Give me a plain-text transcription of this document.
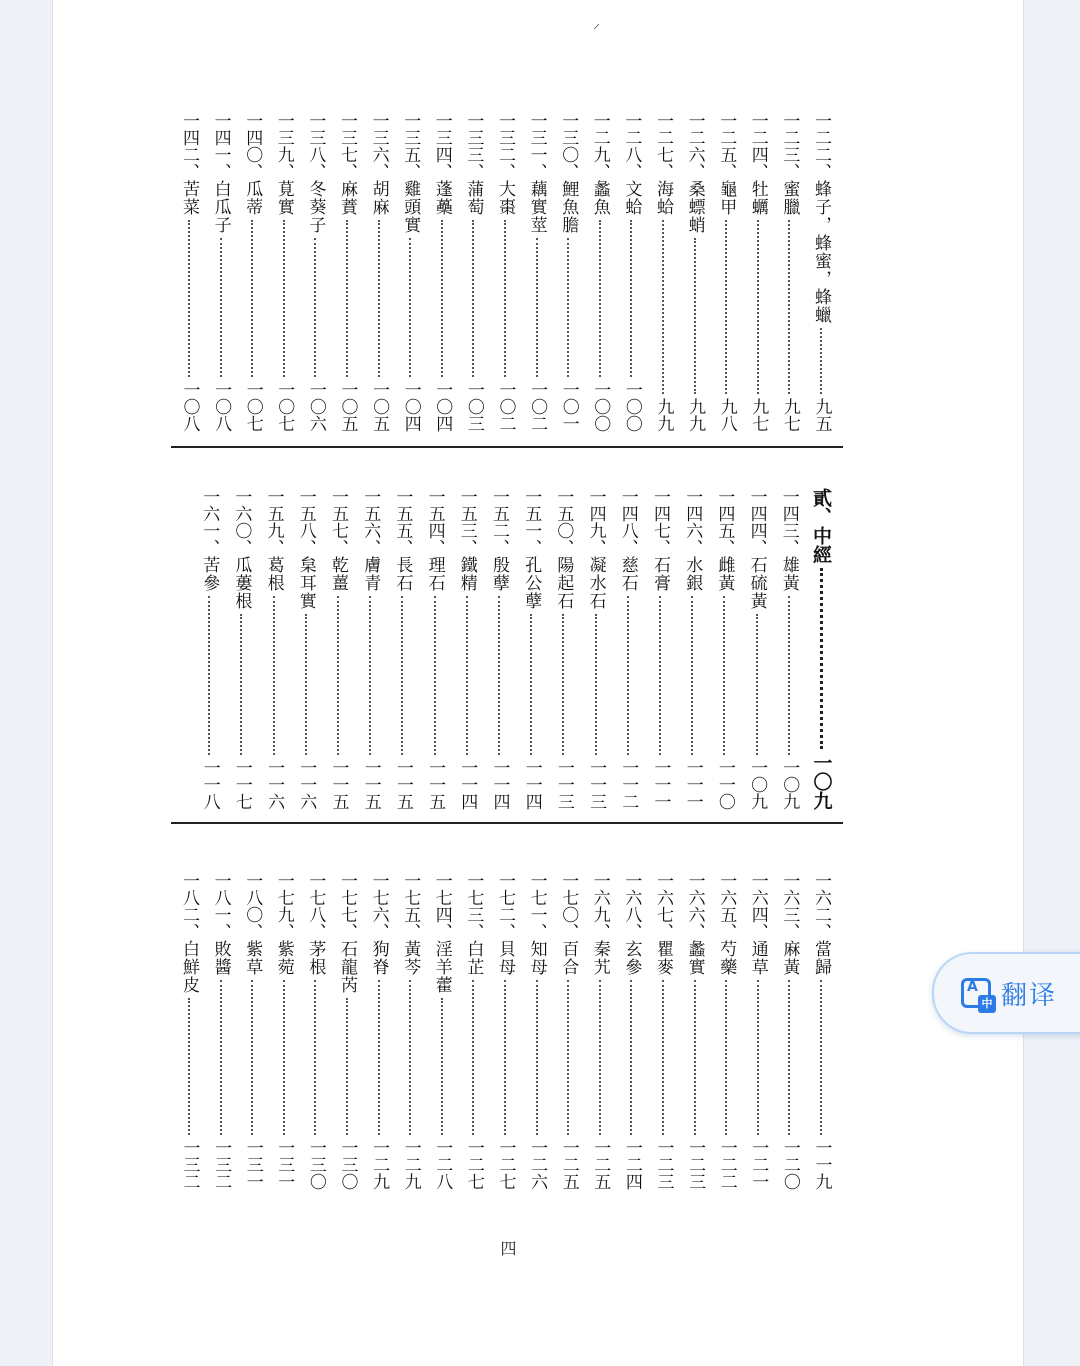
⸝
一二二、
蜂子，蜂蜜，蜂蠟
九五
一二三、
蜜臘
九七
一二四、
牡蠣
九七
一二五、
龜甲
九八
一二六、
桑螵蛸
九九
一二七、
海蛤
九九
一二八、
文蛤
一〇〇
一二九、
蠡魚
一〇〇
一三〇、
鯉魚膽
一〇一
一三一、
藕實莖
一〇二
一三二、
大棗
一〇二
一三三、
蒲萄
一〇三
一三四、
蓬蘽
一〇四
一三五、
雞頭實
一〇四
一三六、
胡麻
一〇五
一三七、
麻蕡
一〇五
一三八、
冬葵子
一〇六
一三九、
莧實
一〇七
一四〇、
瓜蒂
一〇七
一四一、
白瓜子
一〇八
一四二、
苦菜
一〇八
貳、中經
一〇九
一四三、
雄黃
一〇九
一四四、
石硫黃
一〇九
一四五、
雌黃
一一〇
一四六、
水銀
一一一
一四七、
石膏
一一一
一四八、
慈石
一一二
一四九、
凝水石
一一三
一五〇、
陽起石
一一三
一五一、
孔公孽
一一四
一五二、
殷孽
一一四
一五三、
鐵精
一一四
一五四、
理石
一一五
一五五、
長石
一一五
一五六、
膚青
一一五
一五七、
乾薑
一一五
一五八、
枲耳實
一一六
一五九、
葛根
一一六
一六〇、
瓜蔞根
一一七
一六一、
苦參
一一八
一六二、
當歸
一一九
一六三、
麻黃
一二〇
一六四、
通草
一二一
一六五、
芍藥
一二二
一六六、
蠡實
一二三
一六七、
瞿麥
一二三
一六八、
玄參
一二四
一六九、
秦艽
一二五
一七〇、
百合
一二五
一七一、
知母
一二六
一七二、
貝母
一二七
一七三、
白芷
一二七
一七四、
淫羊藿
一二八
一七五、
黃芩
一二九
一七六、
狗脊
一二九
一七七、
石龍芮
一三〇
一七八、
茅根
一三〇
一七九、
紫菀
一三一
一八〇、
紫草
一三一
一八一、
敗醬
一三二
一八二、
白鮮皮
一三二
四
A
中 翻译
